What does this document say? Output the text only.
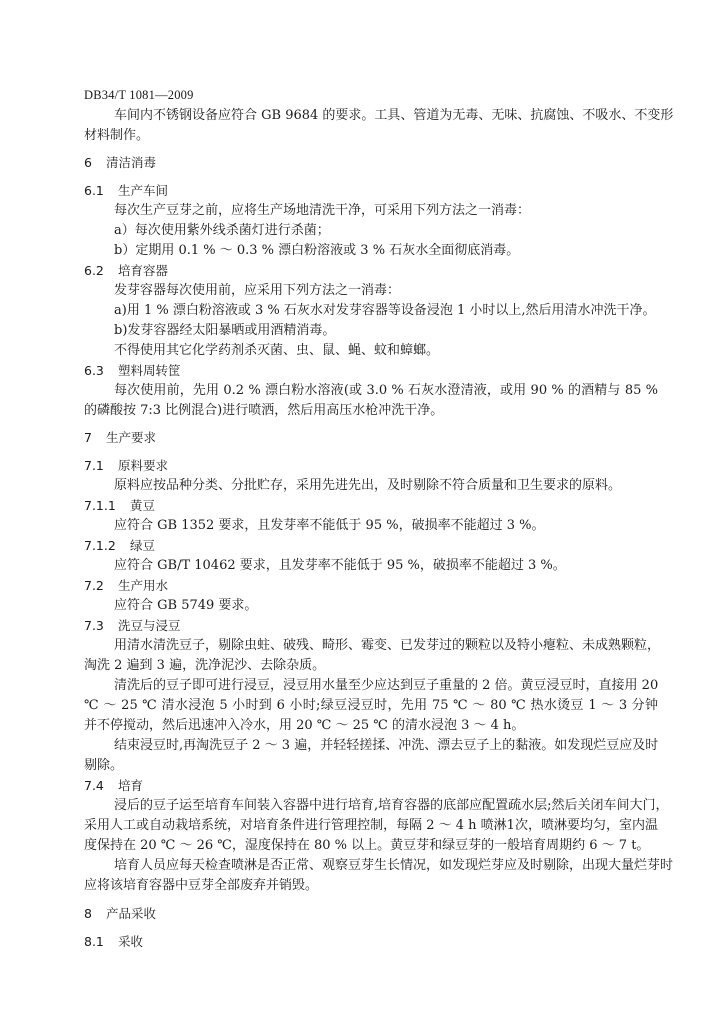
DB34/T 1081—2009
车间内不锈钢设备应符合 GB 9684 的要求。工具、管道为无毒、无味、抗腐蚀、不吸水、不变形
材料制作。
6 清洁消毒
6.1 生产车间
每次生产豆芽之前，应将生产场地清洗干净，可采用下列方法之一消毒：
a）每次使用紫外线杀菌灯进行杀菌；
b）定期用 0.1 % ～ 0.3 % 漂白粉溶液或 3 % 石灰水全面彻底消毒。
6.2 培育容器
发芽容器每次使用前，应采用下列方法之一消毒：
a)用 1 % 漂白粉溶液或 3 % 石灰水对发芽容器等设备浸泡 1 小时以上,然后用清水冲洗干净。
b)发芽容器经太阳暴晒或用酒精消毒。
不得使用其它化学药剂杀灭菌、虫、鼠、蝇、蚊和蟑螂。
6.3 塑料周转筐
每次使用前，先用 0.2 % 漂白粉水溶液(或 3.0 % 石灰水澄清液，或用 90 % 的酒精与 85 %
的磷酸按 7:3 比例混合)进行喷洒，然后用高压水枪冲洗干净。
7 生产要求
7.1 原料要求
原料应按品种分类、分批贮存，采用先进先出，及时剔除不符合质量和卫生要求的原料。
7.1.1 黄豆
应符合 GB 1352 要求，且发芽率不能低于 95 %，破损率不能超过 3 %。
7.1.2 绿豆
应符合 GB/T 10462 要求，且发芽率不能低于 95 %，破损率不能超过 3 %。
7.2 生产用水
应符合 GB 5749 要求。
7.3 洗豆与浸豆
用清水清洗豆子，剔除虫蛀、破残、畸形、霉变、已发芽过的颗粒以及特小瘪粒、未成熟颗粒，
淘洗 2 遍到 3 遍，洗净泥沙、去除杂质。
清洗后的豆子即可进行浸豆，浸豆用水量至少应达到豆子重量的 2 倍。黄豆浸豆时，直接用 20
℃ ～ 25 ℃ 清水浸泡 5 小时到 6 小时;绿豆浸豆时，先用 75 ℃ ～ 80 ℃ 热水烫豆 1 ～ 3 分钟
并不停搅动，然后迅速冲入冷水，用 20 ℃ ～ 25 ℃ 的清水浸泡 3 ～ 4 h。
结束浸豆时,再淘洗豆子 2 ～ 3 遍，并轻轻搓揉、冲洗、漂去豆子上的黏液。如发现烂豆应及时
剔除。
7.4 培育
浸后的豆子运至培育车间装入容器中进行培育,培育容器的底部应配置疏水层;然后关闭车间大门，
采用人工或自动栽培系统，对培育条件进行管理控制，每隔 2 ～ 4 h 喷淋1次，喷淋要均匀，室内温
度保持在 20 ℃ ～ 26 ℃，湿度保持在 80 % 以上。黄豆芽和绿豆芽的一般培育周期约 6 ～ 7 t。
培育人员应每天检查喷淋是否正常、观察豆芽生长情况，如发现烂芽应及时剔除，出现大量烂芽时
应将该培育容器中豆芽全部废弃并销毁。
8 产品采收
8.1 采收
